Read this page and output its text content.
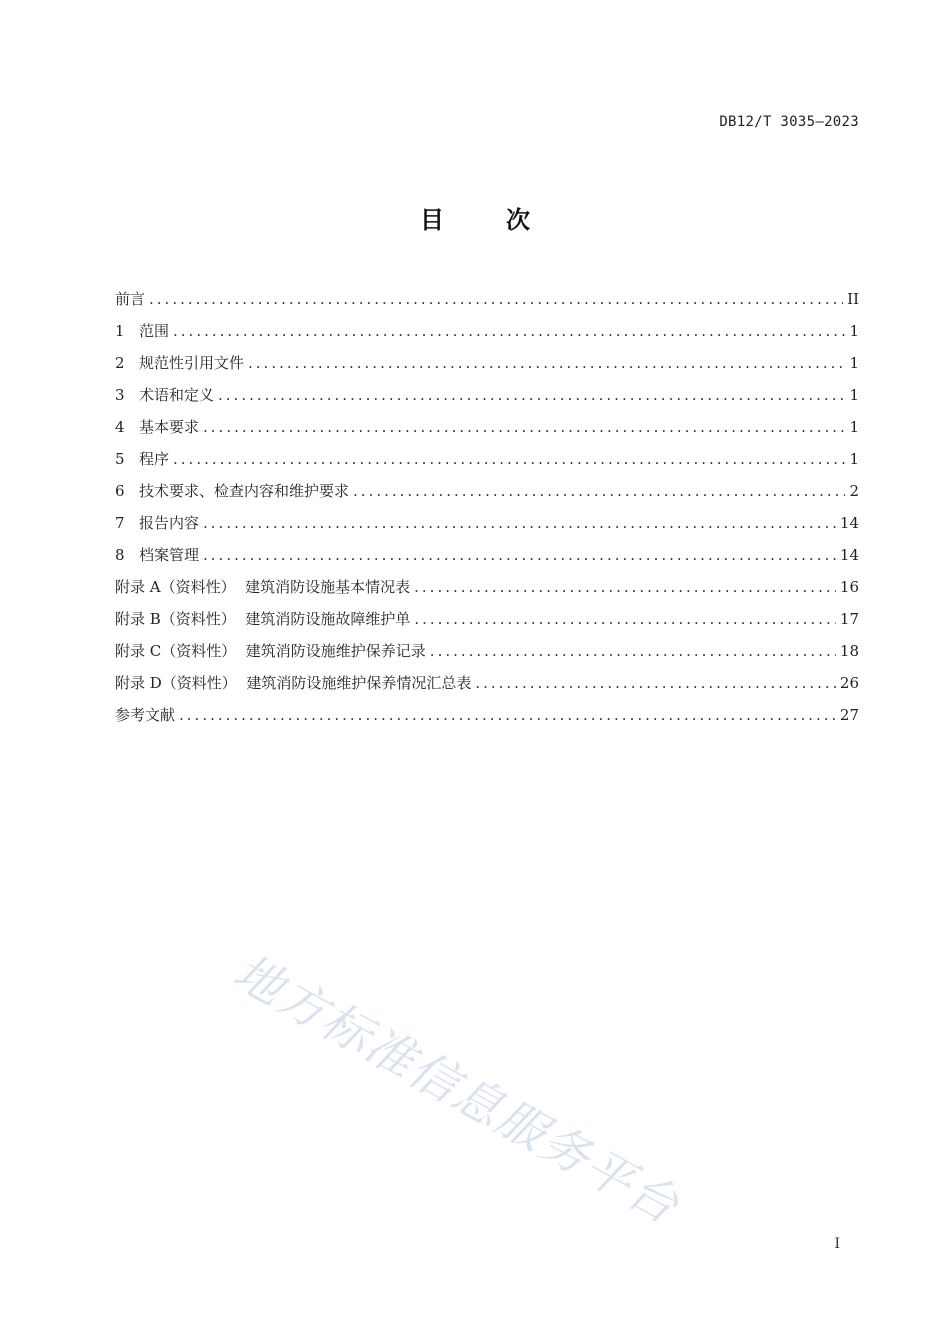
DB12/T 3035—2023
目次
前言 .....	II
1 范围 .....	1
2 规范性引用文件 .....	1
3 术语和定义 .....	1
4 基本要求 .....	1
5 程序 .....	1
6 技术要求、检查内容和维护要求 .....	2
7 报告内容 .....	14
8 档案管理 .....	14
附录 A（资料性）  建筑消防设施基本情况表 .....	16
附录 B（资料性）  建筑消防设施故障维护单 .....	17
附录 C（资料性）  建筑消防设施维护保养记录 .....	18
附录 D（资料性）  建筑消防设施维护保养情况汇总表 .....	26
参考文献 .....	27
地方标准信息服务平台
I
